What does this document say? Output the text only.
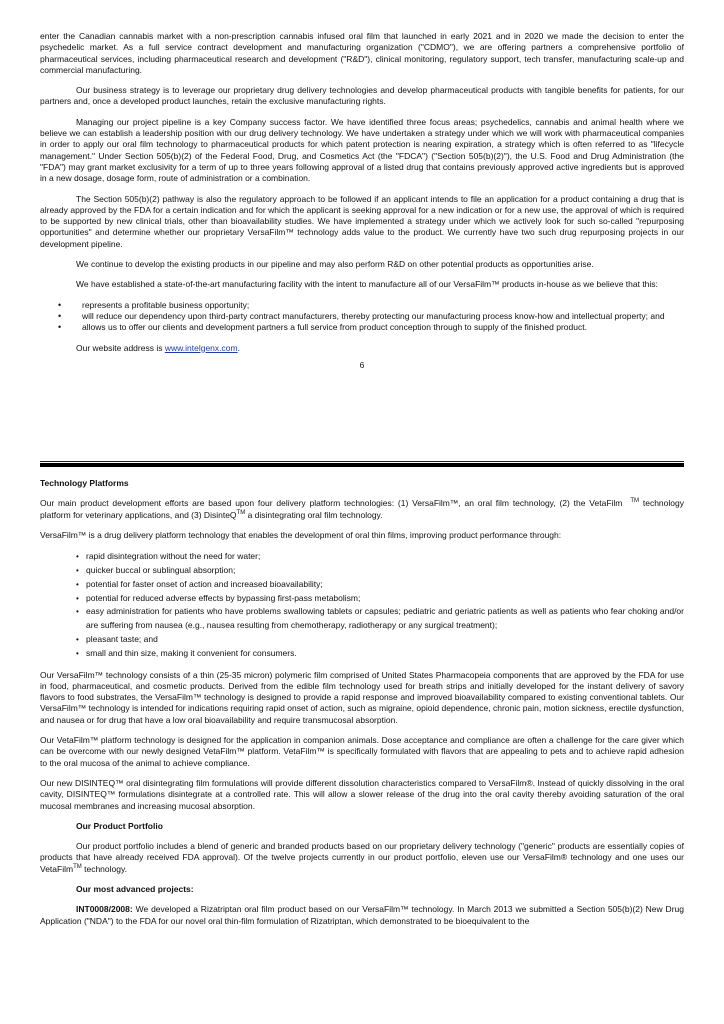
enter the Canadian cannabis market with a non-prescription cannabis infused oral film that launched in early 2021 and in 2020 we made the decision to enter the psychedelic market. As a full service contract development and manufacturing organization ("CDMO"), we are offering partners a comprehensive portfolio of pharmaceutical services, including pharmaceutical research and development ("R&D"), clinical monitoring, regulatory support, tech transfer, manufacturing scale-up and commercial manufacturing.

Our business strategy is to leverage our proprietary drug delivery technologies and develop pharmaceutical products with tangible benefits for patients, for our partners and, once a developed product launches, retain the exclusive manufacturing rights.

Managing our project pipeline is a key Company success factor. We have identified three focus areas; psychedelics, cannabis and animal health where we believe we can establish a leadership position with our drug delivery technology. We have undertaken a strategy under which we will work with pharmaceutical companies in order to apply our oral film technology to pharmaceutical products for which patent protection is nearing expiration, a strategy which is often referred to as "lifecycle management." Under Section 505(b)(2) of the Federal Food, Drug, and Cosmetics Act (the "FDCA") ("Section 505(b)(2)"), the U.S. Food and Drug Administration (the "FDA") may grant market exclusivity for a term of up to three years following approval of a listed drug that contains previously approved active ingredients but is approved in a new dosage, dosage form, route of administration or a combination.

The Section 505(b)(2) pathway is also the regulatory approach to be followed if an applicant intends to file an application for a product containing a drug that is already approved by the FDA for a certain indication and for which the applicant is seeking approval for a new indication or for a new use, the approval of which is required to be supported by new clinical trials, other than bioavailability studies. We have implemented a strategy under which we actively look for such so-called "repurposing opportunities" and determine whether our proprietary VersaFilm™ technology adds value to the product. We currently have two such drug repurposing projects in our development pipeline.

We continue to develop the existing products in our pipeline and may also perform R&D on other potential products as opportunities arise.

We have established a state-of-the-art manufacturing facility with the intent to manufacture all of our VersaFilm™ products in-house as we believe that this:

• represents a profitable business opportunity;
• will reduce our dependency upon third-party contract manufacturers, thereby protecting our manufacturing process know-how and intellectual property; and
• allows us to offer our clients and development partners a full service from product conception through to supply of the finished product.

Our website address is www.intelgenx.com.

6

Technology Platforms

Our main product development efforts are based upon four delivery platform technologies: (1) VersaFilm™, an oral film technology, (2) the VetaFilm ™ technology platform for veterinary applications, and (3) DisinteQ™ a disintegrating oral film technology.

VersaFilm™ is a drug delivery platform technology that enables the development of oral thin films, improving product performance through:

• rapid disintegration without the need for water;
• quicker buccal or sublingual absorption;
• potential for faster onset of action and increased bioavailability;
• potential for reduced adverse effects by bypassing first-pass metabolism;
• easy administration for patients who have problems swallowing tablets or capsules; pediatric and geriatric patients as well as patients who fear choking and/or are suffering from nausea (e.g., nausea resulting from chemotherapy, radiotherapy or any surgical treatment);
• pleasant taste; and
• small and thin size, making it convenient for consumers.

Our VersaFilm™ technology consists of a thin (25-35 micron) polymeric film comprised of United States Pharmacopeia components that are approved by the FDA for use in food, pharmaceutical, and cosmetic products. Derived from the edible film technology used for breath strips and initially developed for the instant delivery of savory flavors to food substrates, the VersaFilm™ technology is designed to provide a rapid response and improved bioavailability compared to existing conventional tablets. Our VersaFilm™ technology is intended for indications requiring rapid onset of action, such as migraine, opioid dependence, chronic pain, motion sickness, erectile dysfunction, and nausea or for drug that have a low oral bioavailability and require transmucosal absorption.

Our VetaFilm™ platform technology is designed for the application in companion animals. Dose acceptance and compliance are often a challenge for the care giver which can be overcome with our newly designed VetaFilm™ platform. VetaFilm™ is specifically formulated with flavors that are appealing to pets and to achieve rapid adhesion to the oral mucosa of the animal to achieve compliance.

Our new DISINTEQ™ oral disintegrating film formulations will provide different dissolution characteristics compared to VersaFilm®. Instead of quickly dissolving in the oral cavity, DISINTEQ™ formulations disintegrate at a controlled rate. This will allow a slower release of the drug into the oral cavity thereby avoiding saturation of the oral mucosal membranes and increasing mucosal absorption.

Our Product Portfolio

Our product portfolio includes a blend of generic and branded products based on our proprietary delivery technology ("generic" products are essentially copies of products that have already received FDA approval). Of the twelve projects currently in our product portfolio, eleven use our VersaFilm® technology and one uses our VetaFilm™ technology.

Our most advanced projects:

INT0008/2008: We developed a Rizatriptan oral film product based on our VersaFilm™ technology. In March 2013 we submitted a Section 505(b)(2) New Drug Application ("NDA") to the FDA for our novel oral thin-film formulation of Rizatriptan, which demonstrated to be bioequivalent to the
